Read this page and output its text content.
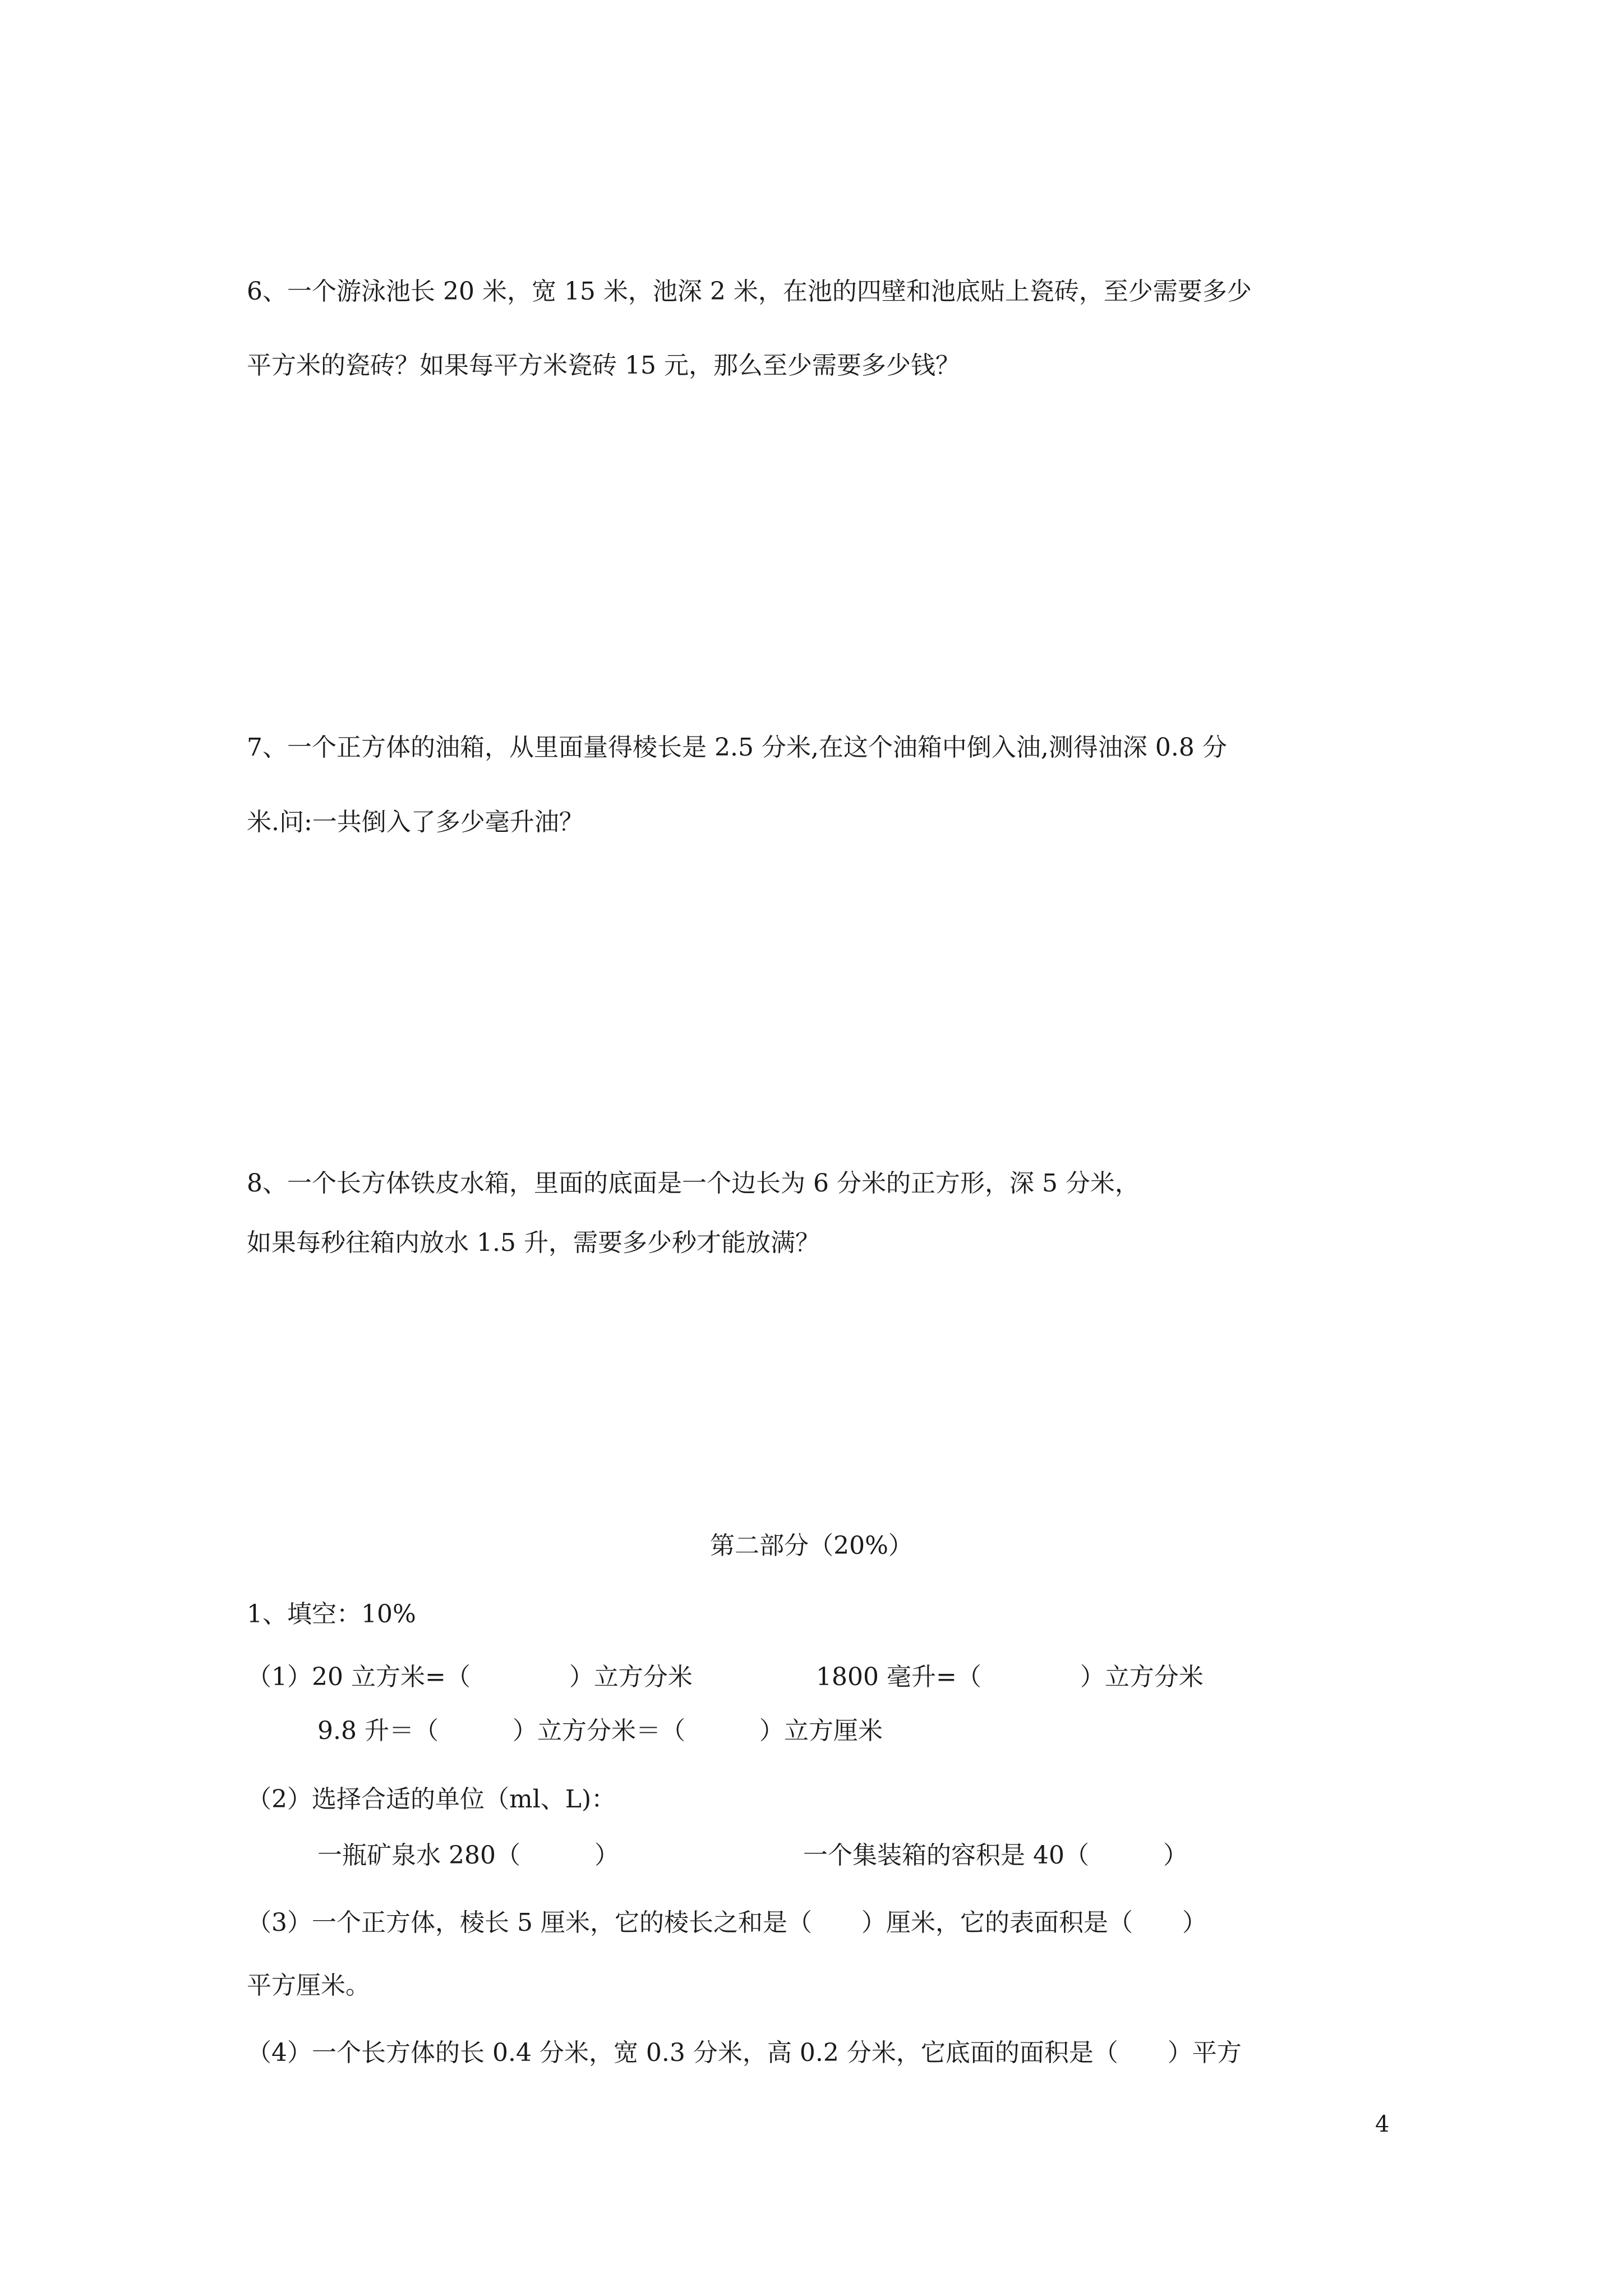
6、一个游泳池长 20 米，宽 15 米，池深 2 米，在池的四壁和池底贴上瓷砖，至少需要多少

平方米的瓷砖？如果每平方米瓷砖 15 元，那么至少需要多少钱？

7、一个正方体的油箱，从里面量得棱长是 2.5 分米,在这个油箱中倒入油,测得油深 0.8 分

米.问:一共倒入了多少毫升油？

8、一个长方体铁皮水箱，里面的底面是一个边长为 6 分米的正方形，深 5 分米，

如果每秒往箱内放水 1.5 升，需要多少秒才能放满？

第二部分（20%）

1、填空：10%

（1）20 立方米=（　　　　）立方分米	1800 毫升=（　　　　）立方分米

9.8 升＝（　　　）立方分米＝（　　　）立方厘米

（2）选择合适的单位（ml、L)：

一瓶矿泉水 280（　　　）	一个集装箱的容积是 40（　　　）

（3）一个正方体，棱长 5 厘米，它的棱长之和是（　　）厘米，它的表面积是（　　）

平方厘米。

（4）一个长方体的长 0.4 分米，宽 0.3 分米，高 0.2 分米，它底面的面积是（　　）平方

4
